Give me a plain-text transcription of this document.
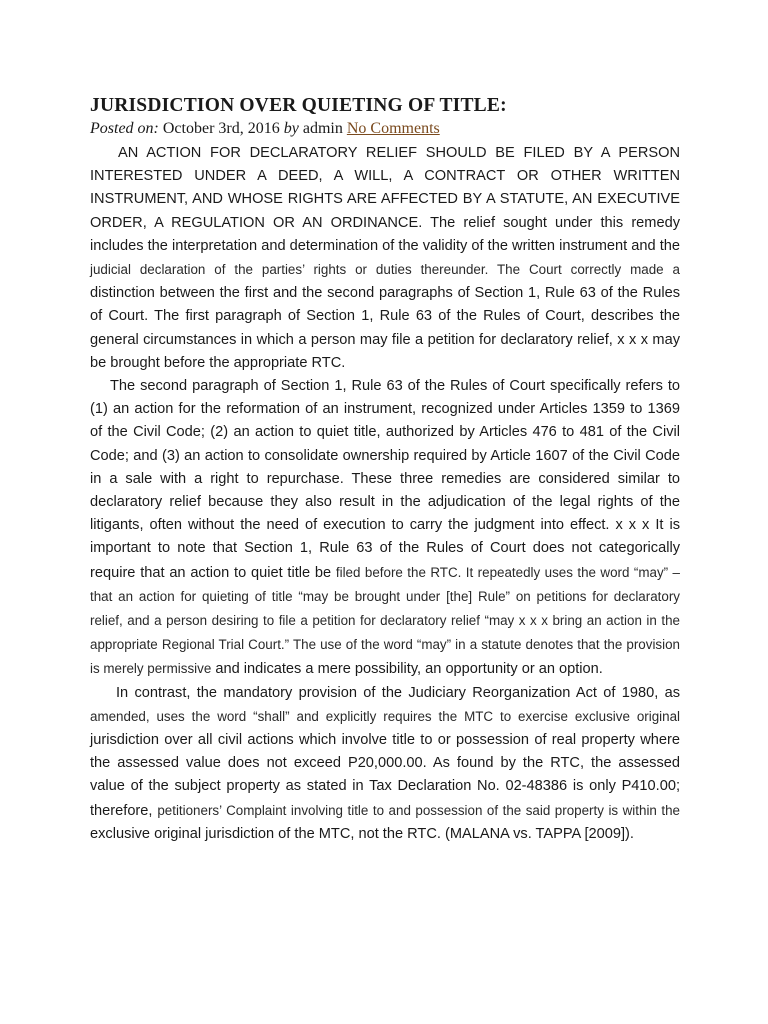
JURISDICTION OVER QUIETING OF TITLE:
Posted on: October 3rd, 2016 by admin No Comments

AN ACTION FOR DECLARATORY RELIEF SHOULD BE FILED BY A PERSON INTERESTED UNDER A DEED, A WILL, A CONTRACT OR OTHER WRITTEN INSTRUMENT, AND WHOSE RIGHTS ARE AFFECTED BY A STATUTE, AN EXECUTIVE ORDER, A REGULATION OR AN ORDINANCE. The relief sought under this remedy includes the interpretation and determination of the validity of the written instrument and the judicial declaration of the parties’ rights or duties thereunder. The Court correctly made a distinction between the first and the second paragraphs of Section 1, Rule 63 of the Rules of Court. The first paragraph of Section 1, Rule 63 of the Rules of Court, describes the general circumstances in which a person may file a petition for declaratory relief, x x x may be brought before the appropriate RTC.

The second paragraph of Section 1, Rule 63 of the Rules of Court specifically refers to (1) an action for the reformation of an instrument, recognized under Articles 1359 to 1369 of the Civil Code; (2) an action to quiet title, authorized by Articles 476 to 481 of the Civil Code; and (3) an action to consolidate ownership required by Article 1607 of the Civil Code in a sale with a right to repurchase. These three remedies are considered similar to declaratory relief because they also result in the adjudication of the legal rights of the litigants, often without the need of execution to carry the judgment into effect. x x x It is important to note that Section 1, Rule 63 of the Rules of Court does not categorically require that an action to quiet title be filed before the RTC. It repeatedly uses the word “may” – that an action for quieting of title “may be brought under [the] Rule” on petitions for declaratory relief, and a person desiring to file a petition for declaratory relief “may x x x bring an action in the appropriate Regional Trial Court.” The use of the word “may” in a statute denotes that the provision is merely permissive and indicates a mere possibility, an opportunity or an option.

In contrast, the mandatory provision of the Judiciary Reorganization Act of 1980, as amended, uses the word “shall” and explicitly requires the MTC to exercise exclusive original jurisdiction over all civil actions which involve title to or possession of real property where the assessed value does not exceed P20,000.00. As found by the RTC, the assessed value of the subject property as stated in Tax Declaration No. 02-48386 is only P410.00; therefore, petitioners’ Complaint involving title to and possession of the said property is within the exclusive original jurisdiction of the MTC, not the RTC. (MALANA vs. TAPPA [2009]).
